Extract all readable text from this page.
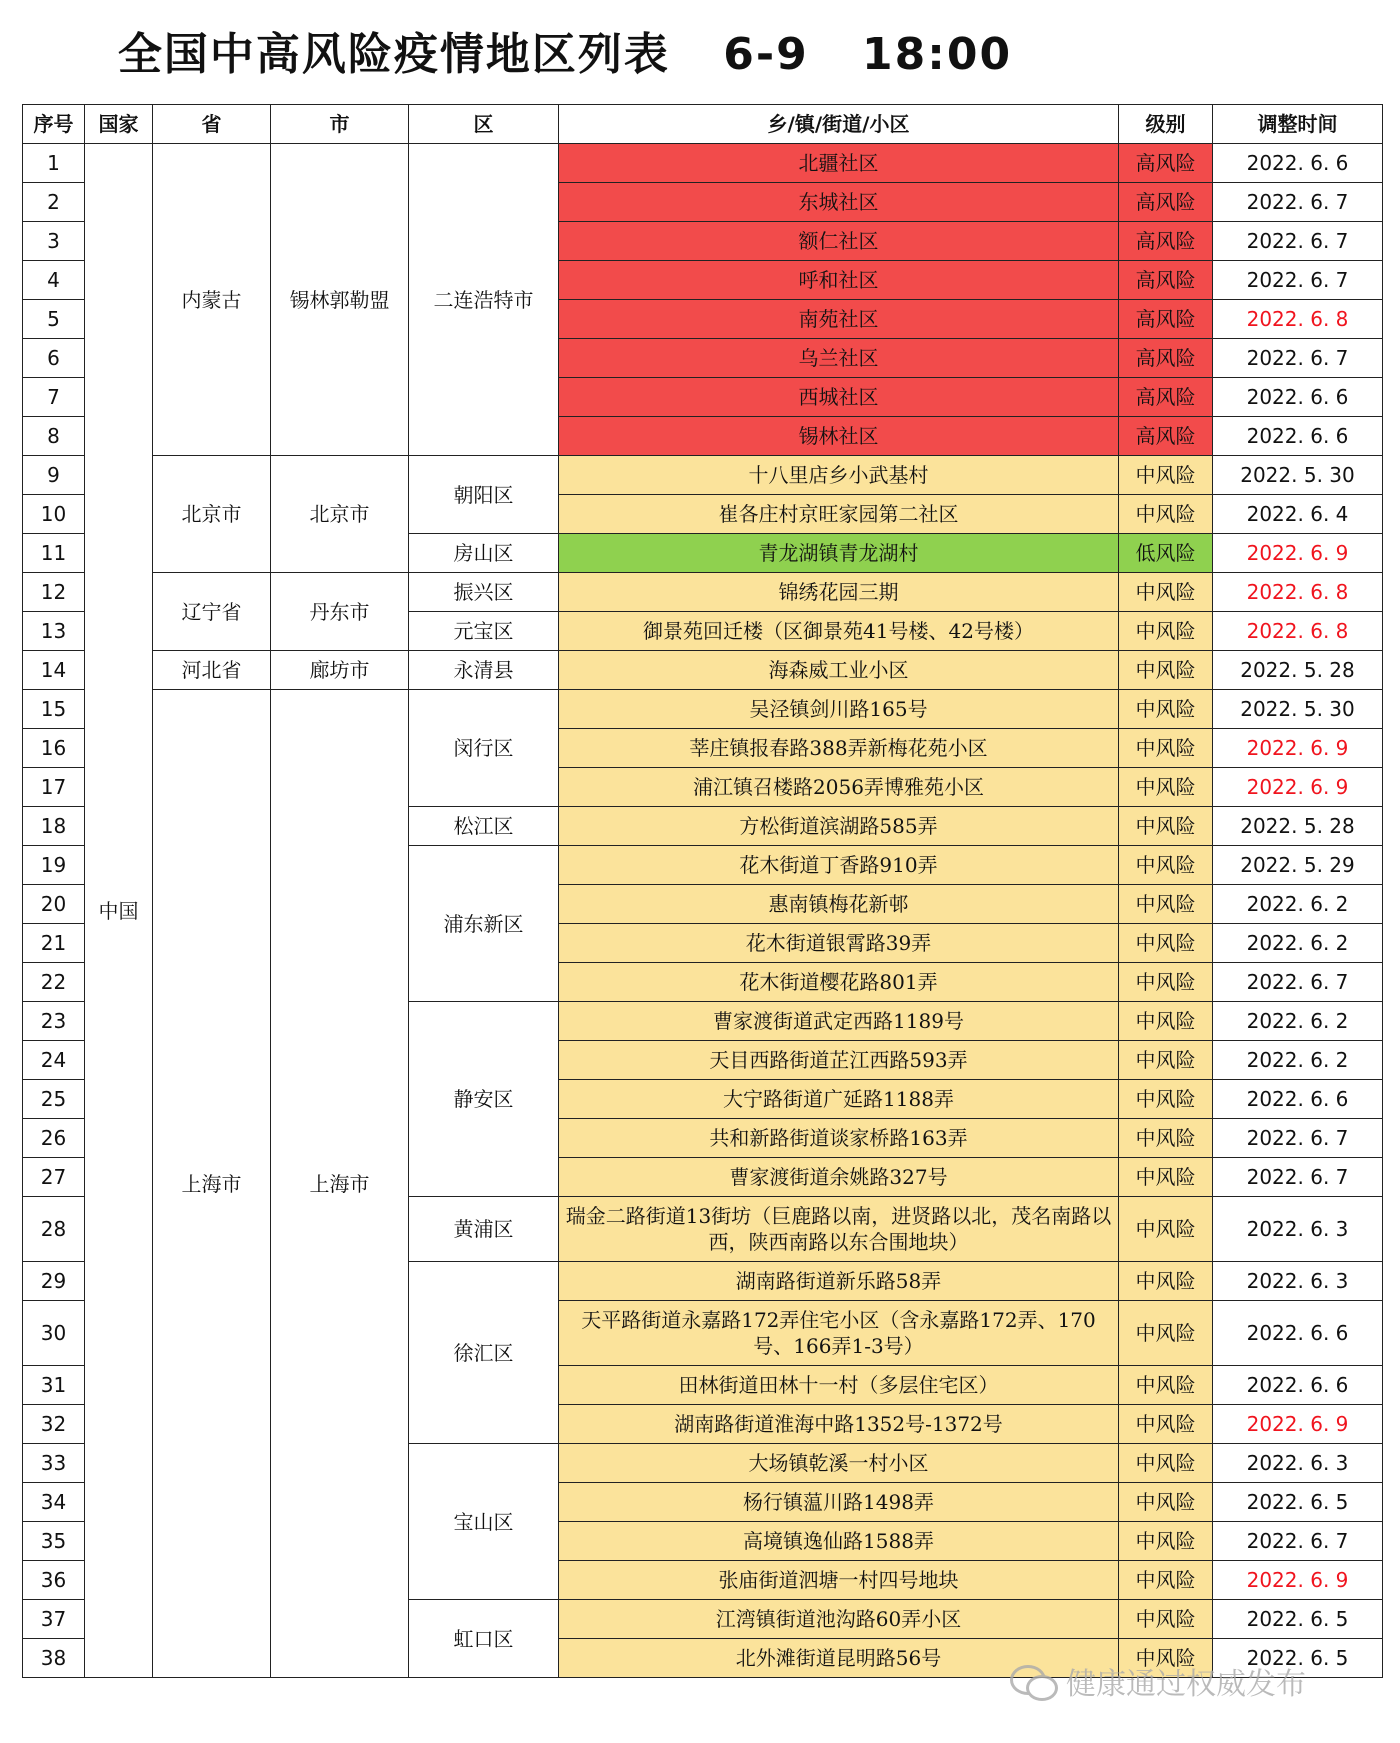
全国中高风险疫情地区列表 6-9 18:00
序号	国家	省	市	区	乡/镇/街道/小区	级别	调整时间
1	中国	内蒙古	锡林郭勒盟	二连浩特市	北疆社区	高风险	2022. 6. 6
2					东城社区	高风险	2022. 6. 7
3					额仁社区	高风险	2022. 6. 7
4					呼和社区	高风险	2022. 6. 7
5					南苑社区	高风险	2022. 6. 8
6					乌兰社区	高风险	2022. 6. 7
7					西城社区	高风险	2022. 6. 6
8					锡林社区	高风险	2022. 6. 6
9		北京市	北京市	朝阳区	十八里店乡小武基村	中风险	2022. 5. 30
10					崔各庄村京旺家园第二社区	中风险	2022. 6. 4
11				房山区	青龙湖镇青龙湖村	低风险	2022. 6. 9
12		辽宁省	丹东市	振兴区	锦绣花园三期	中风险	2022. 6. 8
13				元宝区	御景苑回迁楼（区御景苑41号楼、42号楼）	中风险	2022. 6. 8
14		河北省	廊坊市	永清县	海森威工业小区	中风险	2022. 5. 28
15		上海市	上海市	闵行区	吴泾镇剑川路165号	中风险	2022. 5. 30
16					莘庄镇报春路388弄新梅花苑小区	中风险	2022. 6. 9
17					浦江镇召楼路2056弄博雅苑小区	中风险	2022. 6. 9
18				松江区	方松街道滨湖路585弄	中风险	2022. 5. 28
19				浦东新区	花木街道丁香路910弄	中风险	2022. 5. 29
20					惠南镇梅花新邨	中风险	2022. 6. 2
21					花木街道银霄路39弄	中风险	2022. 6. 2
22					花木街道樱花路801弄	中风险	2022. 6. 7
23				静安区	曹家渡街道武定西路1189号	中风险	2022. 6. 2
24					天目西路街道芷江西路593弄	中风险	2022. 6. 2
25					大宁路街道广延路1188弄	中风险	2022. 6. 6
26					共和新路街道谈家桥路163弄	中风险	2022. 6. 7
27					曹家渡街道余姚路327号	中风险	2022. 6. 7
28				黄浦区	瑞金二路街道13街坊（巨鹿路以南，进贤路以北，茂名南路以西，陕西南路以东合围地块）	中风险	2022. 6. 3
29				徐汇区	湖南路街道新乐路58弄	中风险	2022. 6. 3
30					天平路街道永嘉路172弄住宅小区（含永嘉路172弄、170号、166弄1-3号）	中风险	2022. 6. 6
31					田林街道田林十一村（多层住宅区）	中风险	2022. 6. 6
32					湖南路街道淮海中路1352号-1372号	中风险	2022. 6. 9
33				宝山区	大场镇乾溪一村小区	中风险	2022. 6. 3
34					杨行镇蕰川路1498弄	中风险	2022. 6. 5
35					高境镇逸仙路1588弄	中风险	2022. 6. 7
36					张庙街道泗塘一村四号地块	中风险	2022. 6. 9
37				虹口区	江湾镇街道池沟路60弄小区	中风险	2022. 6. 5
38					北外滩街道昆明路56号	中风险	2022. 6. 5
健康通过权威发布
